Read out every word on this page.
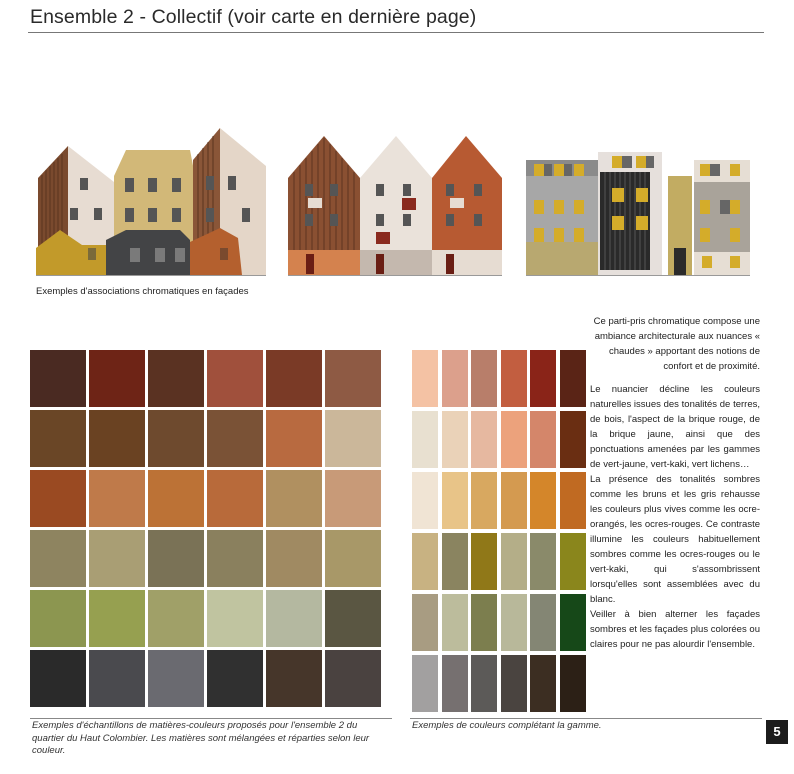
Ensemble 2 - Collectif (voir carte en dernière page)
Exemples d'associations chromatiques en façades

Ce parti-pris chromatique compose une ambiance architecturale aux nuances « chaudes » apportant des notions de confort et de proximité.

Le nuancier décline les couleurs naturelles issues des tonalités de terres, de bois, l'aspect de la brique rouge, de la brique jaune, ainsi que des ponctuations amenées par les gammes de vert-jaune, vert-kaki, vert lichens…

La présence des tonalités sombres comme les bruns et les gris rehausse les couleurs plus vives comme les ocre-orangés, les ocres-rouges. Ce contraste illumine les couleurs habituellement sombres comme les ocres-rouges ou le vert-kaki, qui s'assombrissent lorsqu'elles sont assemblées avec du blanc.

Veiller à bien alterner les façades sombres et les façades plus colorées ou claires pour ne pas alourdir l'ensemble.

Exemples d'échantillons de matières-couleurs proposés pour l'ensemble 2 du quartier du Haut Colombier. Les matières sont mélangées et réparties selon leur couleur.
Exemples de couleurs complétant la gamme.	5
